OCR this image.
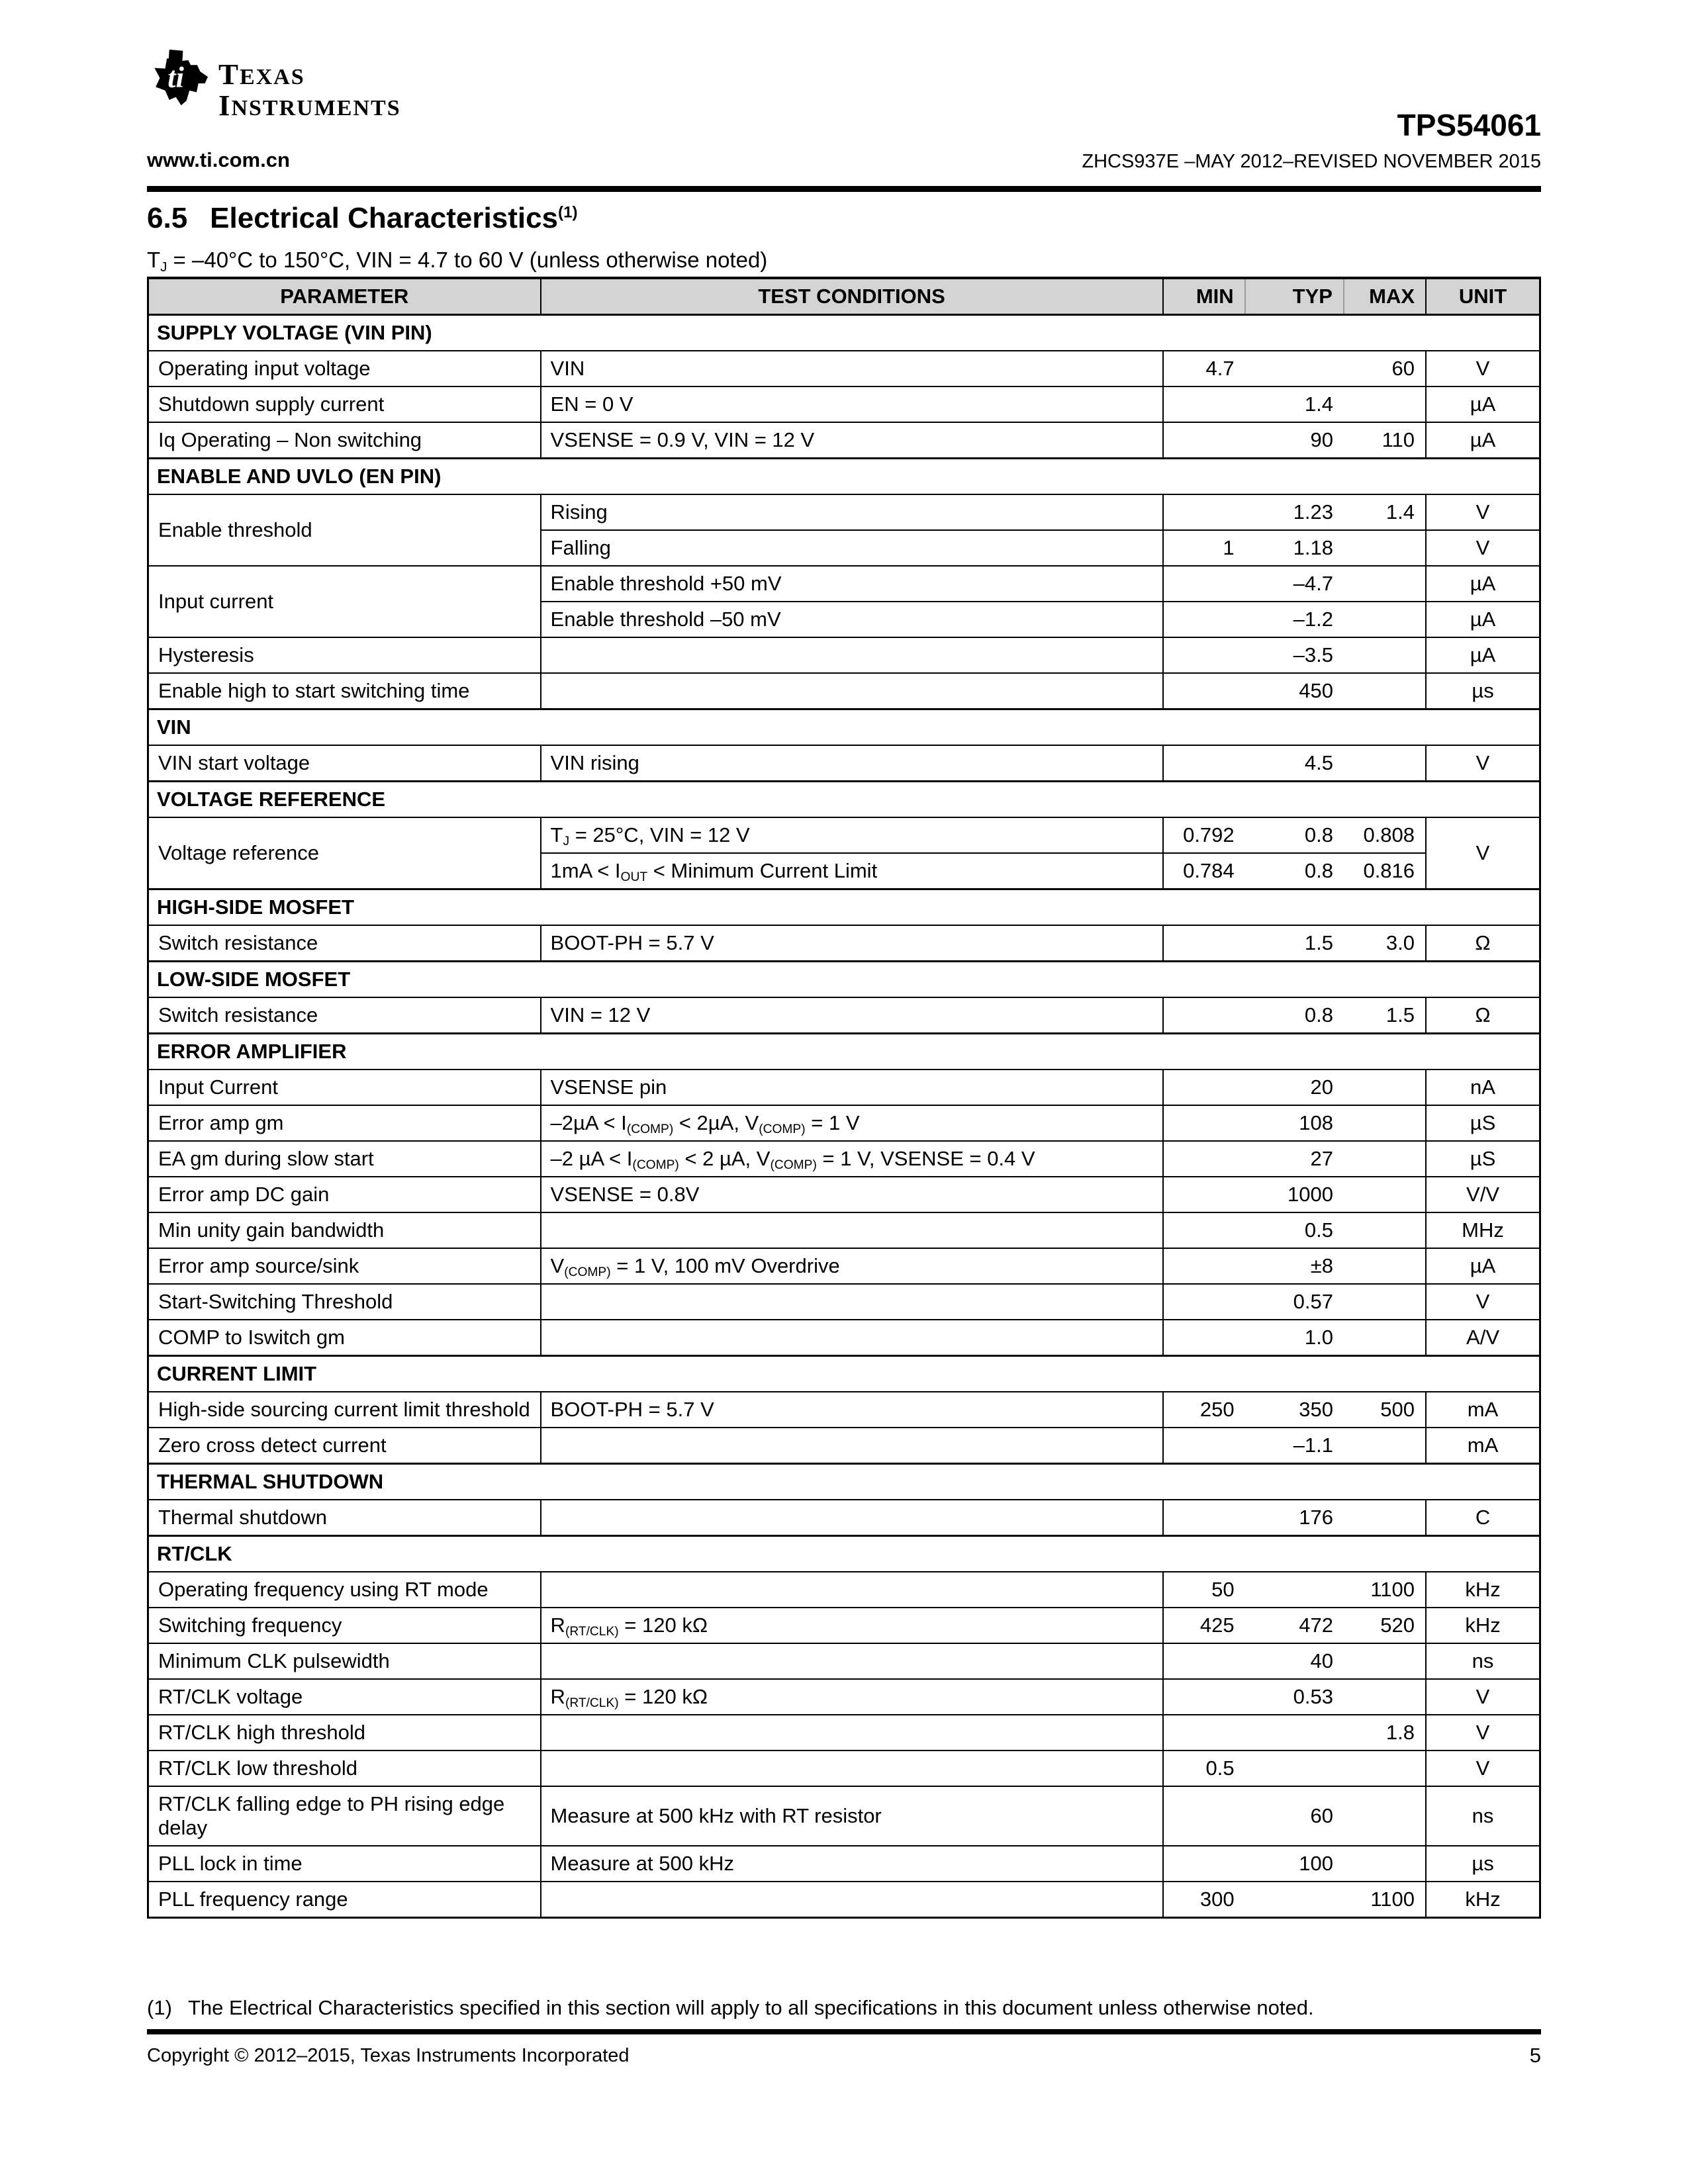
ti TEXAS
INSTRUMENTS
www.ti.com.cn
TPS54061
ZHCS937E –MAY 2012–REVISED NOVEMBER 2015
6.5 Electrical Characteristics$^{(1)}$
$T_J = -40^\circ C$ to 150°C, VIN = 4.7 to 60 V (unless otherwise noted)
PARAMETER	TEST CONDITIONS	MIN	TYP	MAX	UNIT
SUPPLY VOLTAGE (VIN PIN)					
Operating input voltage	VIN	4.7		60	V
Shutdown supply current	EN = 0 V		1.4		µA
Iq Operating – Non switching	VSENSE = 0.9 V, VIN = 12 V		90	110	µA
ENABLE AND UVLO (EN PIN)					
Enable threshold	Rising		1.23	1.4	V
	Falling	1	1.18		V
Input current	Enable threshold +50 mV		–4.7		µA
	Enable threshold –50 mV		–1.2		µA
Hysteresis			–3.5		µA
Enable high to start switching time			450		µs
VIN					
VIN start voltage	VIN rising		4.5		V
VOLTAGE REFERENCE					
Voltage reference	$T_J = 25^\circ C$, VIN = 12 V	0.792	0.8	0.808	V
	$1mA < I_{OUT}$ < Minimum Current Limit	0.784	0.8	0.816	
HIGH-SIDE MOSFET					
Switch resistance	BOOT-PH = 5.7 V		1.5	3.0	Ω
LOW-SIDE MOSFET					
Switch resistance	VIN = 12 V		0.8	1.5	Ω
ERROR AMPLIFIER					
Input Current	VSENSE pin		20		nA
Error amp gm	$-2\mu A < I_{(COMP)} < 2\mu A$, $V_{(COMP)} = 1$ V		108		µS
EA gm during slow start	–2 $\mu A < I_{(COMP)} < 2$ µA, $V_{(COMP)} = 1$ V, VSENSE = 0.4 V		27		µS
Error amp DC gain	VSENSE = 0.8V		1000		V/V
Min unity gain bandwidth			0.5		MHz
Error amp source/sink	$V_{(COMP)} = 1$ V, 100 mV Overdrive		±8		µA
Start-Switching Threshold			0.57		V
COMP to Iswitch gm			1.0		A/V
CURRENT LIMIT					
High-side sourcing current limit threshold	BOOT-PH = 5.7 V	250	350	500	mA
Zero cross detect current			–1.1		mA
THERMAL SHUTDOWN					
Thermal shutdown			176		C
RT/CLK					
Operating frequency using RT mode		50		1100	kHz
Switching frequency	$R_{(RT/CLK)} = 120$ kΩ	425	472	520	kHz
Minimum CLK pulsewidth			40		ns
RT/CLK voltage	$R_{(RT/CLK)} = 120$ kΩ		0.53		V
RT/CLK high threshold				1.8	V
RT/CLK low threshold		0.5			V
RT/CLK falling edge to PH rising edge delay	Measure at 500 kHz with RT resistor		60		ns
PLL lock in time	Measure at 500 kHz		100		µs
PLL frequency range		300		1100	kHz
(1) The Electrical Characteristics specified in this section will apply to all specifications in this document unless otherwise noted.
Copyright © 2012–2015, Texas Instruments Incorporated	5
